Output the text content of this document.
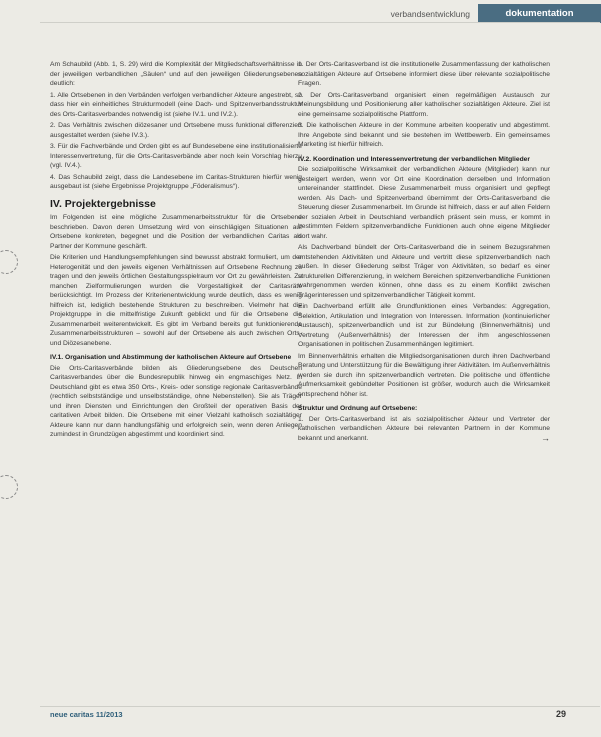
verbandsentwicklung	dokumentation

Am Schaubild (Abb. 1, S. 29) wird die Komplexität der Mitgliedschaftsverhältnisse in der jeweiligen verbandlichen „Säulen“ und auf den jeweiligen Gliederungsebenen deutlich:

1. Alle Ortsebenen in den Verbänden verfolgen verbandlicher Akteure angestrebt, so dass hier ein einheitliches Strukturmodell (eine Dach- und Spitzenverbandsstruktur des Orts-Caritasverbandes notwendig ist (siehe IV.1. und IV.2.).

2. Das Verhältnis zwischen diözesaner und Ortsebene muss funktional differenziert ausgestaltet werden (siehe IV.3.).

3. Für die Fachverbände und Orden gibt es auf Bundesebene eine institutionalisierte Interessenvertretung, für die Orts-Caritasverbände aber noch kein Vorschlag hierzu (vgl. IV.4.).

4. Das Schaubild zeigt, dass die Landesebene im Caritas-Strukturen hierfür wenig ausgebaut ist (siehe Ergebnisse Projektgruppe „Föderalismus“).

IV. Projektergebnisse

Im Folgenden ist eine mögliche Zusammenarbeitsstruktur für die Ortsebene beschrieben. Davon deren Umsetzung wird von einschlägigen Situationen auf Ortsebene konkreten, begegnet und die Position der verbandlichen Caritas als Partner der Kommune geschärft.

Die Kriterien und Handlungsempfehlungen sind bewusst abstrakt formuliert, um der Heterogenität und den jeweils eigenen Verhältnissen auf Ortsebene Rechnung zu tragen und den jeweils örtlichen Gestaltungsspielraum vor Ort zu gewährleisten. Zu manchen Zielformulierungen wurden die Vorgestaltigkeit der Caritasräte berücksichtigt. Im Prozess der Kriterienentwicklung wurde deutlich, dass es wenig hilfreich ist, lediglich bestehende Strukturen zu beschreiben. Vielmehr hat die Projektgruppe in die mittelfristige Zukunft geblickt und für die Ortsebene die Zusammenarbeit weiterentwickelt. Es gibt im Verband bereits gut funktionierende Zusammenarbeitsstrukturen – sowohl auf der Ortsebene als auch zwischen Orts- und Diözesanebene.

IV.1. Organisation und Abstimmung der katholischen Akteure auf Ortsebene

Die Orts-Caritasverbände bilden als Gliederungsebene des Deutschen Caritasverbandes über die Bundesrepublik hinweg ein engmaschiges Netz. In Deutschland gibt es etwa 350 Orts-, Kreis- oder sonstige regionale Caritasverbände (rechtlich selbstständige und unselbstständige, ohne Nebenstellen). Sie als Träger und ihren Diensten und Einrichtungen den Großteil der operativen Basis der caritativen Arbeit bilden. Die Ortsebene mit einer Vielzahl katholisch sozialtätiger Akteure kann nur dann handlungsfähig und erfolgreich sein, wenn deren Anliegen zumindest in Grundzügen abgestimmt und koordiniert sind.

1. Der Orts-Caritasverband ist die institutionelle Zusammenfassung der katholischen sozialtätigen Akteure auf Ortsebene informiert diese über relevante sozialpolitische Fragen.

2. Der Orts-Caritasverband organisiert einen regelmäßigen Austausch zur Meinungsbildung und Positionierung aller katholischer sozialtätigen Akteure. Ziel ist eine gemeinsame sozialpolitische Plattform.

3. Die katholischen Akteure in der Kommune arbeiten kooperativ und abgestimmt. Ihre Angebote sind bekannt und sie bestehen im Wettbewerb. Ein gemeinsames Marketing ist hierfür hilfreich.

IV.2. Koordination und Interessenvertretung der verbandlichen Mitglieder

Die sozialpolitische Wirksamkeit der verbandlichen Akteure (Mitglieder) kann nur gesteigert werden, wenn vor Ort eine Koordination derselben und Information untereinander stattfindet. Diese Zusammenarbeit muss organisiert und gepflegt werden. Als Dach- und Spitzenverband übernimmt der Orts-Caritasverband die Steuerung dieser Zusammenarbeit. Im Grunde ist hilfreich, dass er auf allen Feldern der sozialen Arbeit in Deutschland verbandlich präsent sein muss, er kommt in bestimmten Feldern spitzenverbandliche Funktionen auch ohne eigene Mitglieder dort wahr.

Als Dachverband bündelt der Orts-Caritasverband die in seinem Bezugsrahmen entstehenden Aktivitäten und Akteure und vertritt diese spitzenverbandlich nach außen. In dieser Gliederung selbst Träger von Aktivitäten, so bedarf es einer strukturellen Differenzierung, in welchem Bereichen spitzenverbandliche Funktionen wahrgenommen werden können, ohne dass es zu einem Konflikt zwischen Trägerinteressen und spitzenverbandlicher Tätigkeit kommt.

Ein Dachverband erfüllt alle Grundfunktionen eines Verbandes: Aggregation, Selektion, Artikulation und Integration von Interessen. Information (kontinuierlicher Austausch), spitzenverbandlich und ist zur Bündelung (Binnenverhältnis) und Vertretung (Außenverhältnis) der Interessen der ihm angeschlossenen Organisationen in politischen Zusammenhängen legitimiert.

Im Binnenverhältnis erhalten die Mitgliedsorganisationen durch ihren Dachverband Beratung und Unterstützung für die Bewältigung ihrer Aktivitäten. Im Außenverhältnis werden sie durch ihn spitzenverbandlich vertreten. Die politische und öffentliche Aufmerksamkeit gebündelter Positionen ist größer, wodurch auch die Wirksamkeit entsprechend höher ist.

Struktur und Ordnung auf Ortsebene:

1. Der Orts-Caritasverband ist als sozialpolitischer Akteur und Vertreter der katholischen verbandlichen Akteure bei relevanten Partnern in der Kommune bekannt und anerkannt.	→

neue caritas 11/2013	29
